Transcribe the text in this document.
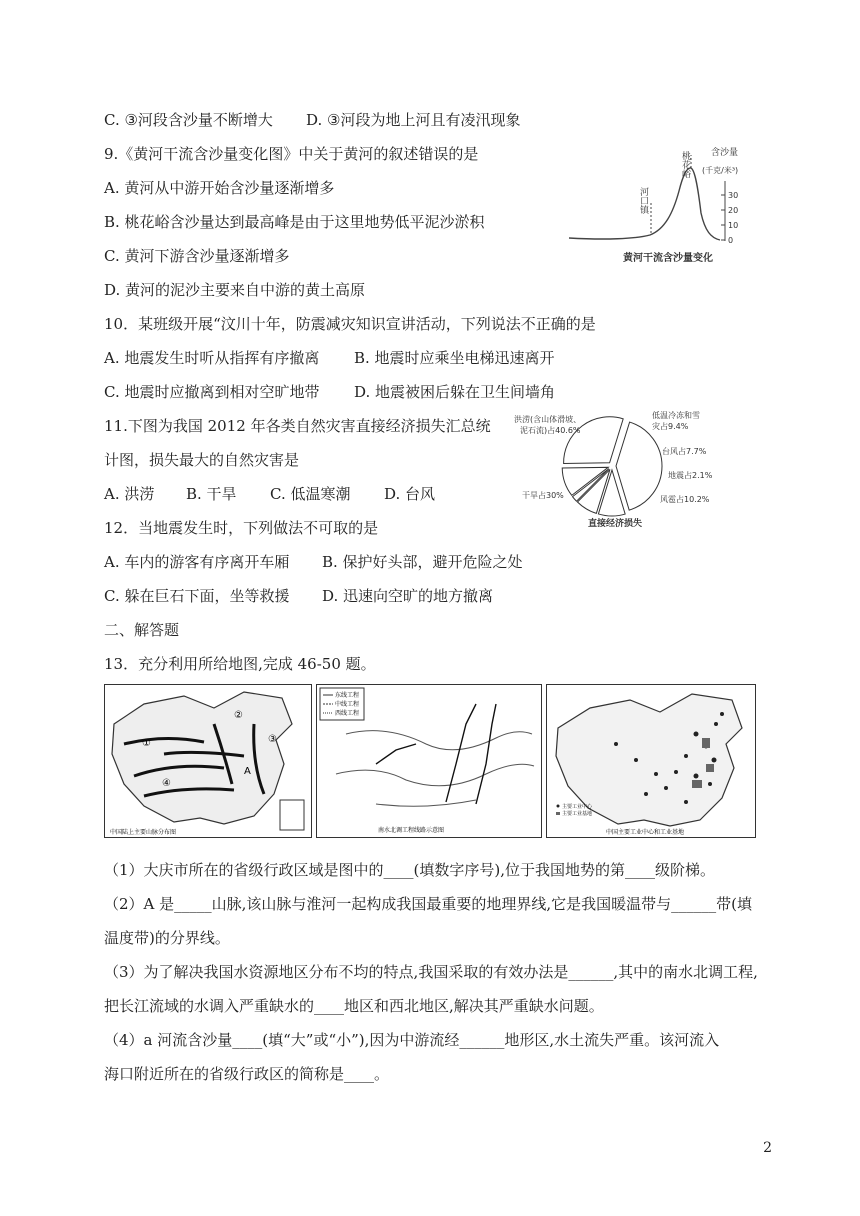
C. ③河段含沙量不断增大 D. ③河段为地上河且有凌汛现象
9.《黄河干流含沙量变化图》中关于黄河的叙述错误的是
A. 黄河从中游开始含沙量逐渐增多
B. 桃花峪含沙量达到最高峰是由于这里地势低平泥沙淤积
C. 黄河下游含沙量逐渐增多
D. 黄河的泥沙主要来自中游的黄土高原
河口镇
桃花峪 含沙量
(千克/米³)
30
20
10
0
黄河干流含沙量变化
10．某班级开展“汶川十年，防震减灾知识宣讲活动，下列说法不正确的是
A. 地震发生时听从指挥有序撤离 B. 地震时应乘坐电梯迅速离开
C. 地震时应撤离到相对空旷地带 D. 地震被困后躲在卫生间墙角
11.下图为我国 2012 年各类自然灾害直接经济损失汇总统
计图，损失最大的自然灾害是
A. 洪涝 B. 干旱 C. 低温寒潮 D. 台风
洪涝(含山体滑坡、
泥石流)占40.6%
低温冷冻和雪
灾占9.4%
台风占7.7%
地震占2.1%
风雹占10.2%
干旱占30%
直接经济损失
12．当地震发生时，下列做法不可取的是
A. 车内的游客有序离开车厢 B. 保护好头部，避开危险之处
C. 躲在巨石下面，坐等救援 D. 迅速向空旷的地方撤离
二、解答题
13．充分利用所给地图,完成 46-50 题。
①
②
③
④
A
中国陆上主要山脉分布图
东线工程
中线工程
西线工程
南水北调工程线路示意图
主要工业中心
主要工业基地
中国主要工业中心和工业基地
（1）大庆市所在的省级行政区域是图中的____(填数字序号),位于我国地势的第____级阶梯。
（2）A 是_____山脉,该山脉与淮河一起构成我国最重要的地理界线,它是我国暖温带与______带(填
温度带)的分界线。
（3）为了解决我国水资源地区分布不均的特点,我国采取的有效办法是______,其中的南水北调工程,
把长江流域的水调入严重缺水的____地区和西北地区,解决其严重缺水问题。
（4）a 河流含沙量____(填“大”或“小”),因为中游流经______地形区,水土流失严重。该河流入
海口附近所在的省级行政区的简称是____。
2
